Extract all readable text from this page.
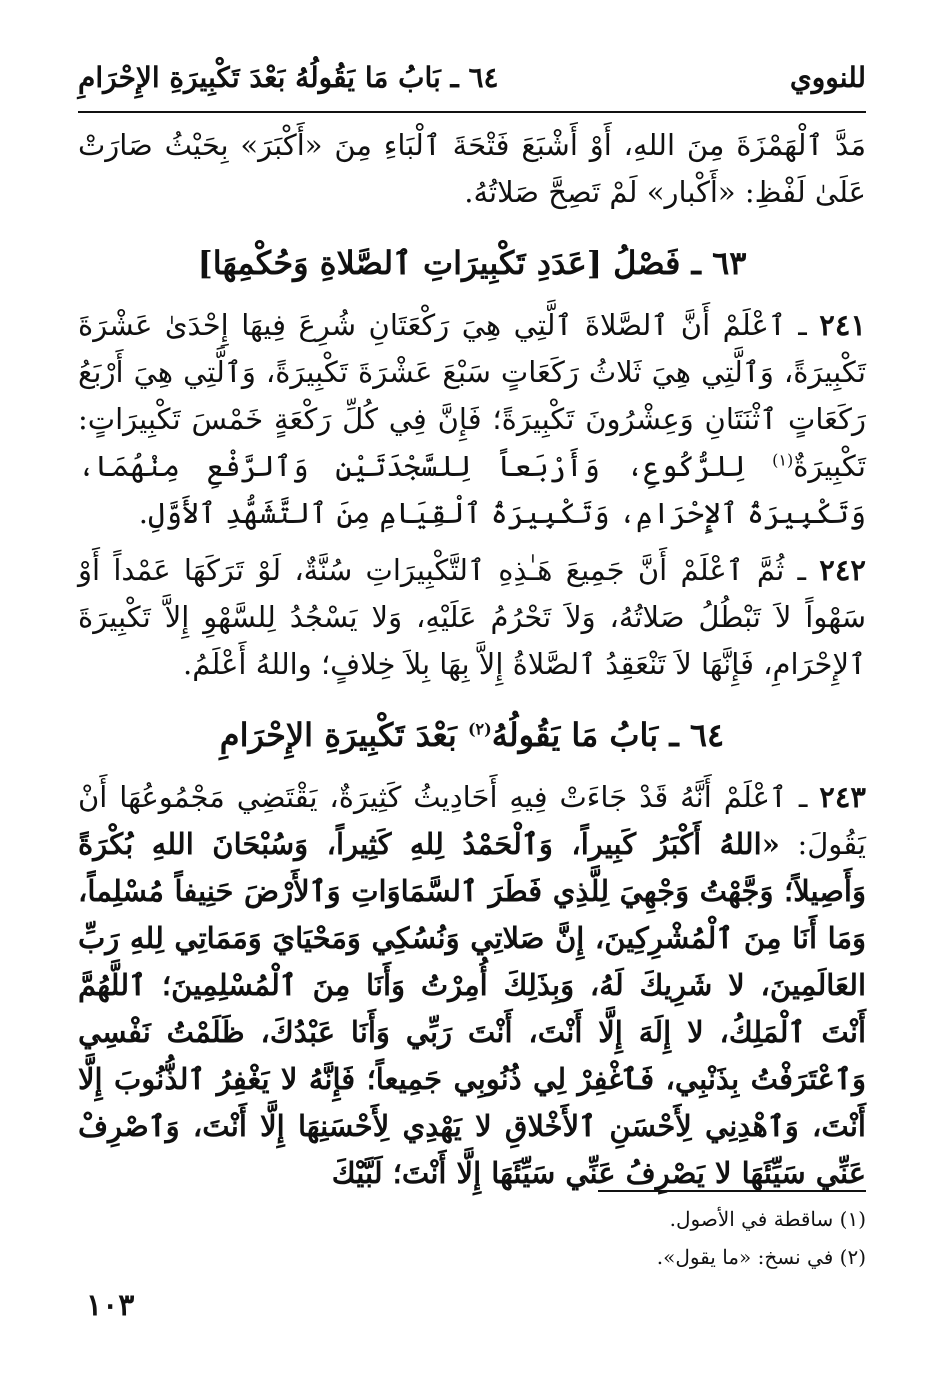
للنووي
٦٤ ـ بَابُ مَا يَقُولُهُ بَعْدَ تَكْبِيرَةِ الإِحْرَامِ

مَدَّ ٱلْهَمْزَةَ مِنَ اللهِ، أَوْ أَشْبَعَ فَتْحَةَ ٱلْبَاءِ مِنَ «أَكْبَرَ» بِحَيْثُ صَارَتْ عَلَىٰ لَفْظِ: «أَكْبار» لَمْ تَصِحَّ صَلاتُهُ.

٦٣ ـ فَصْلُ [عَدَدِ تَكْبِيرَاتِ ٱلصَّلاةِ وَحُكْمِهَا]

٢٤١ ـ ٱعْلَمْ أَنَّ ٱلصَّلاةَ ٱلَّتِي هِيَ رَكْعَتَانِ شُرِعَ فِيهَا إِحْدَىٰ عَشْرَةَ تَكْبِيرَةً، وَٱلَّتِي هِيَ ثَلاثُ رَكَعَاتٍ سَبْعَ عَشْرَةَ تَكْبِيرَةً، وَٱلَّتِي هِيَ أَرْبَعُ رَكَعَاتٍ ٱثْنَتَانِ وَعِشْرُونَ تَكْبِيرَةً؛ فَإِنَّ فِي كُلِّ رَكْعَةٍ خَمْسَ تَكْبِيرَاتٍ: تَكْبِيرَةٌ$^{(١)}$ لِلرُّكُوعِ، وَأَرْبَعاً لِلسَّجْدَتَيْنِ وَٱلرَّفْعِ مِنْهُمَا، وَتَكْبِيرَةُ ٱلإِحْرَامِ، وَتَكْبِيرَةُ ٱلْقِيَامِ مِنَ ٱلتَّشَهُّدِ ٱلأَوَّلِ.

٢٤٢ ـ ثُمَّ ٱعْلَمْ أَنَّ جَمِيعَ هَـٰذِهِ ٱلتَّكْبِيرَاتِ سُنَّةٌ، لَوْ تَرَكَهَا عَمْداً أَوْ سَهْواً لاَ تَبْطُلُ صَلاتُهُ، وَلاَ تَحْرُمُ عَلَيْهِ، وَلا يَسْجُدُ لِلسَّهْوِ إِلاَّ تَكْبِيرَةَ ٱلإِحْرَامِ، فَإِنَّهَا لاَ تَنْعَقِدُ ٱلصَّلاةُ إِلاَّ بِهَا بِلاَ خِلافٍ؛ واللهُ أَعْلَمُ.

٦٤ ـ بَابُ مَا يَقُولُهُ$^{(٢)}$ بَعْدَ تَكْبِيرَةِ الإِحْرَامِ

٢٤٣ ـ ٱعْلَمْ أَنَّهُ قَدْ جَاءَتْ فِيهِ أَحَادِيثُ كَثِيرَةٌ، يَقْتَضِي مَجْمُوعُهَا أَنْ يَقُولَ: «اللهُ أَكْبَرُ كَبِيراً، وَٱلْحَمْدُ لِلهِ كَثِيراً، وَسُبْحَانَ اللهِ بُكْرَةً وَأَصِيلاً؛ وَجَّهْتُ وَجْهِيَ لِلَّذِي فَطَرَ ٱلسَّمَاوَاتِ وَٱلأَرْضَ حَنِيفاً مُسْلِماً، وَمَا أَنَا مِنَ ٱلْمُشْرِكِينَ، إِنَّ صَلاتِي وَنُسُكِي وَمَحْيَايَ وَمَمَاتِي لِلهِ رَبِّ العَالَمِينَ، لا شَرِيكَ لَهُ، وَبِذَلِكَ أُمِرْتُ وَأَنَا مِنَ ٱلْمُسْلِمِينَ؛ ٱللَّهُمَّ أَنْتَ ٱلْمَلِكُ، لا إِلَهَ إِلَّا أَنْتَ، أَنْتَ رَبِّي وَأَنَا عَبْدُكَ، ظَلَمْتُ نَفْسِي وَٱعْتَرَفْتُ بِذَنْبِي، فَٱغْفِرْ لِي ذُنُوبِي جَمِيعاً؛ فَإِنَّهُ لا يَغْفِرُ ٱلذُّنُوبَ إِلَّا أَنْتَ، وَٱهْدِنِي لِأَحْسَنِ ٱلأَخْلاقِ لا يَهْدِي لِأَحْسَنِهَا إِلَّا أَنْتَ، وَٱصْرِفْ عَنِّي سَيِّئَهَا لا يَصْرِفُ عَنِّي سَيِّئَهَا إِلَّا أَنْتَ؛ لَبَّيْكَ

(١) ساقطة في الأصول.
(٢) في نسخ: «ما يقول».
١٠٣
